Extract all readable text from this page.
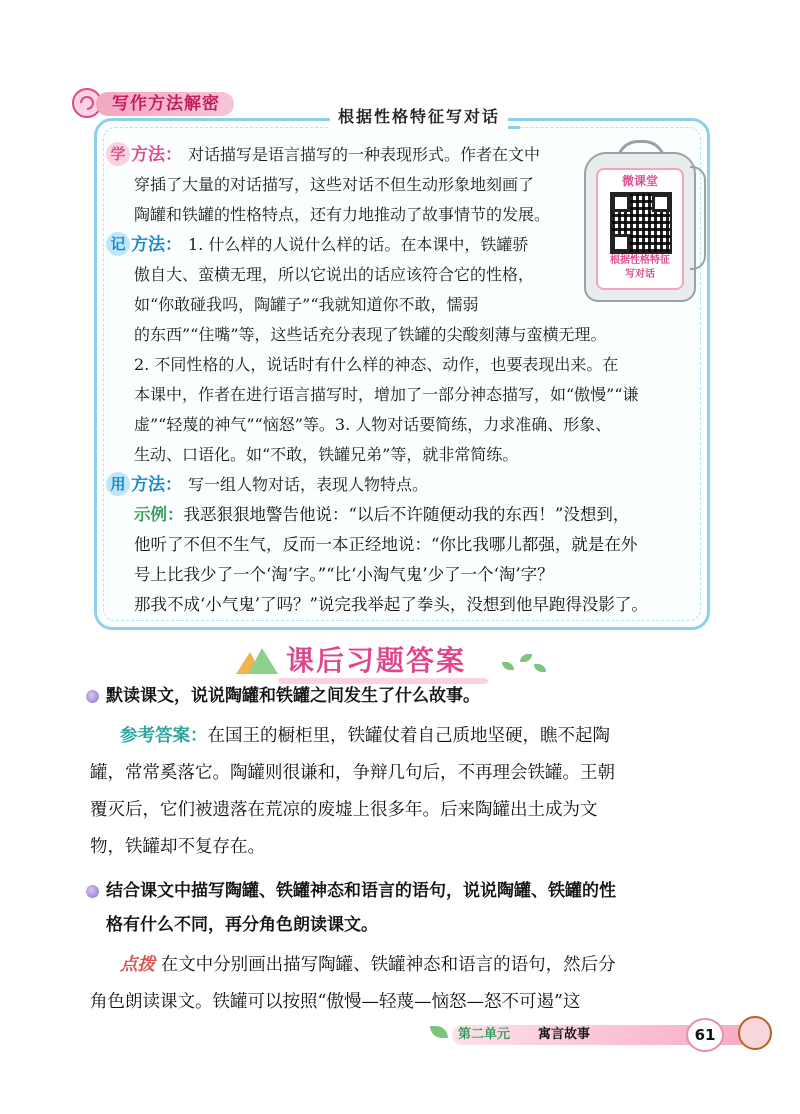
写作方法解密
根据性格特征写对话
学 方法： 对话描写是语言描写的一种表现形式。作者在文中
穿插了大量的对话描写，这些对话不但生动形象地刻画了
陶罐和铁罐的性格特点，还有力地推动了故事情节的发展。
记 方法： 1. 什么样的人说什么样的话。在本课中，铁罐骄
傲自大、蛮横无理，所以它说出的话应该符合它的性格，
如“你敢碰我吗，陶罐子”“我就知道你不敢，懦弱
的东西”“住嘴”等，这些话充分表现了铁罐的尖酸刻薄与蛮横无理。
2. 不同性格的人，说话时有什么样的神态、动作，也要表现出来。在
本课中，作者在进行语言描写时，增加了一部分神态描写，如“傲慢”“谦
虚”“轻蔑的神气”“恼怒”等。3. 人物对话要简练，力求准确、形象、
生动、口语化。如“不敢，铁罐兄弟”等，就非常简练。
用 方法： 写一组人物对话，表现人物特点。
示例：我恶狠狠地警告他说：“以后不许随便动我的东西！”没想到，
他听了不但不生气，反而一本正经地说：“你比我哪儿都强，就是在外
号上比我少了一个‘淘’字。”“比‘小淘气鬼’少了一个‘淘’字？
那我不成‘小气鬼’了吗？”说完我举起了拳头，没想到他早跑得没影了。
微课堂
根据性格特征
写对话
课后习题答案
默读课文，说说陶罐和铁罐之间发生了什么故事。
参考答案：在国王的橱柜里，铁罐仗着自己质地坚硬，瞧不起陶
罐，常常奚落它。陶罐则很谦和，争辩几句后，不再理会铁罐。王朝
覆灭后，它们被遗落在荒凉的废墟上很多年。后来陶罐出土成为文
物，铁罐却不复存在。
结合课文中描写陶罐、铁罐神态和语言的语句，说说陶罐、铁罐的性
格有什么不同，再分角色朗读课文。
点拨 在文中分别画出描写陶罐、铁罐神态和语言的语句，然后分
角色朗读课文。铁罐可以按照“傲慢—轻蔑—恼怒—怒不可遏”这
第二单元 寓言故事	61
